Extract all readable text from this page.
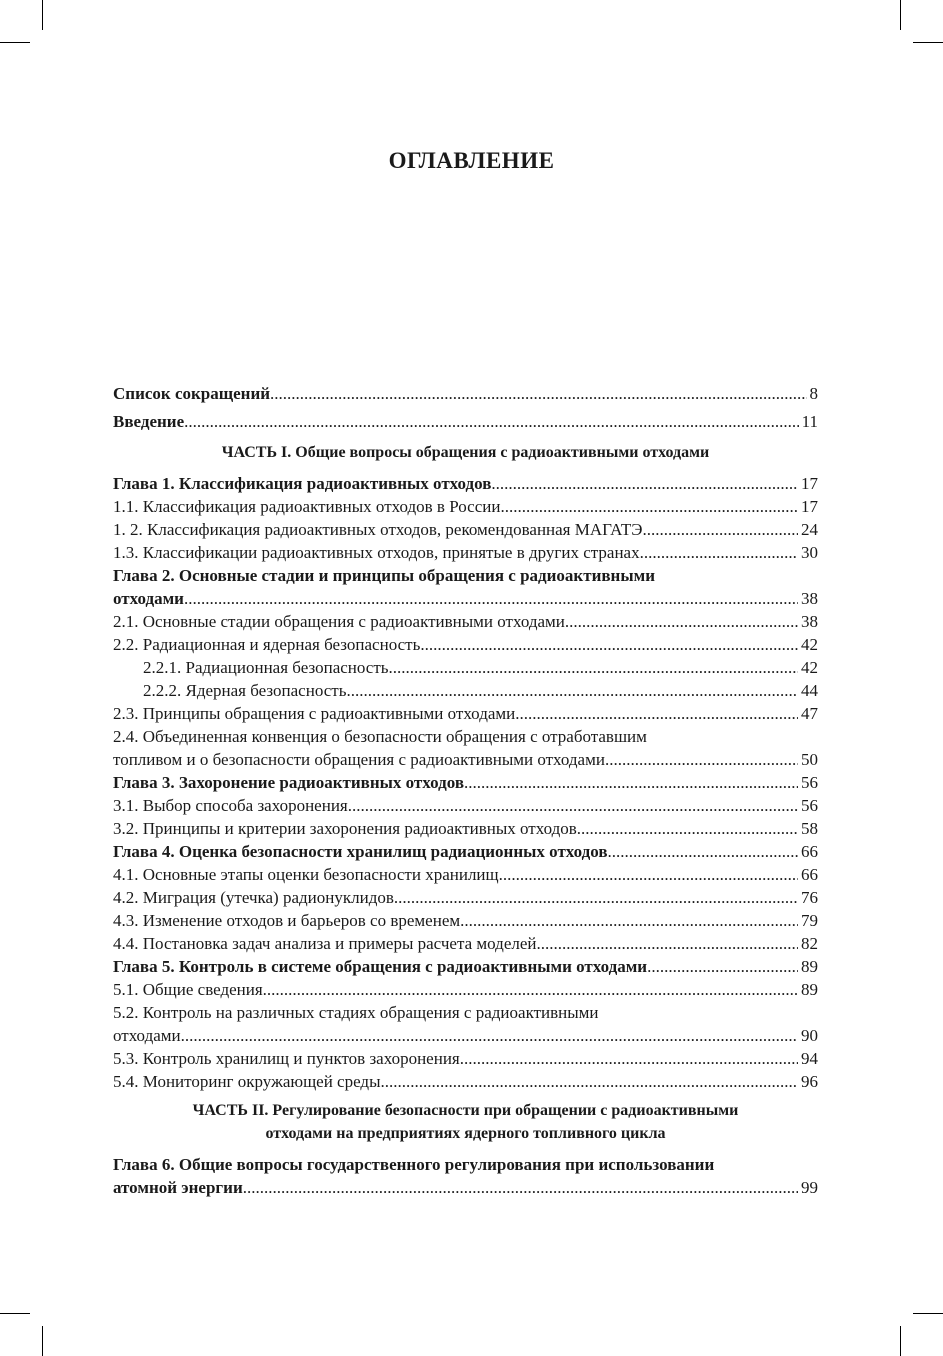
ОГЛАВЛЕНИЕ
Список сокращений .....	8
Введение .....	11
ЧАСТЬ I. Общие вопросы обращения с радиоактивными отходами
Глава 1. Классификация радиоактивных отходов .....	17
1.1. Классификация радиоактивных отходов в России .....	17
1. 2. Классификация радиоактивных отходов, рекомендованная МАГАТЭ .....	24
1.3. Классификации радиоактивных отходов, принятые в других странах .....	30
Глава 2. Основные стадии и принципы обращения с радиоактивными
отходами .....	38
2.1. Основные стадии обращения с радиоактивными отходами .....	38
2.2. Радиационная и ядерная безопасность .....	42
2.2.1. Радиационная безопасность .....	42
2.2.2. Ядерная безопасность .....	44
2.3. Принципы обращения с радиоактивными отходами .....	47
2.4. Объединенная конвенция о безопасности обращения с отработавшим
топливом и о безопасности обращения с радиоактивными отходами .....	50
Глава 3. Захоронение радиоактивных отходов .....	56
3.1. Выбор способа захоронения .....	56
3.2. Принципы и критерии захоронения радиоактивных отходов .....	58
Глава 4. Оценка безопасности хранилищ радиационных отходов .....	66
4.1. Основные этапы оценки безопасности хранилищ .....	66
4.2. Миграция (утечка) радионуклидов .....	76
4.3. Изменение отходов и барьеров со временем .....	79
4.4. Постановка задач анализа и примеры расчета моделей .....	82
Глава 5. Контроль в системе обращения с радиоактивными отходами .....	89
5.1. Общие сведения .....	89
5.2. Контроль на различных стадиях обращения с радиоактивными
отходами .....	90
5.3. Контроль хранилищ и пунктов захоронения .....	94
5.4. Мониторинг окружающей среды .....	96
ЧАСТЬ II. Регулирование безопасности при обращении с радиоактивными
отходами на предприятиях ядерного топливного цикла
Глава 6. Общие вопросы государственного регулирования при использовании
атомной энергии .....	99
